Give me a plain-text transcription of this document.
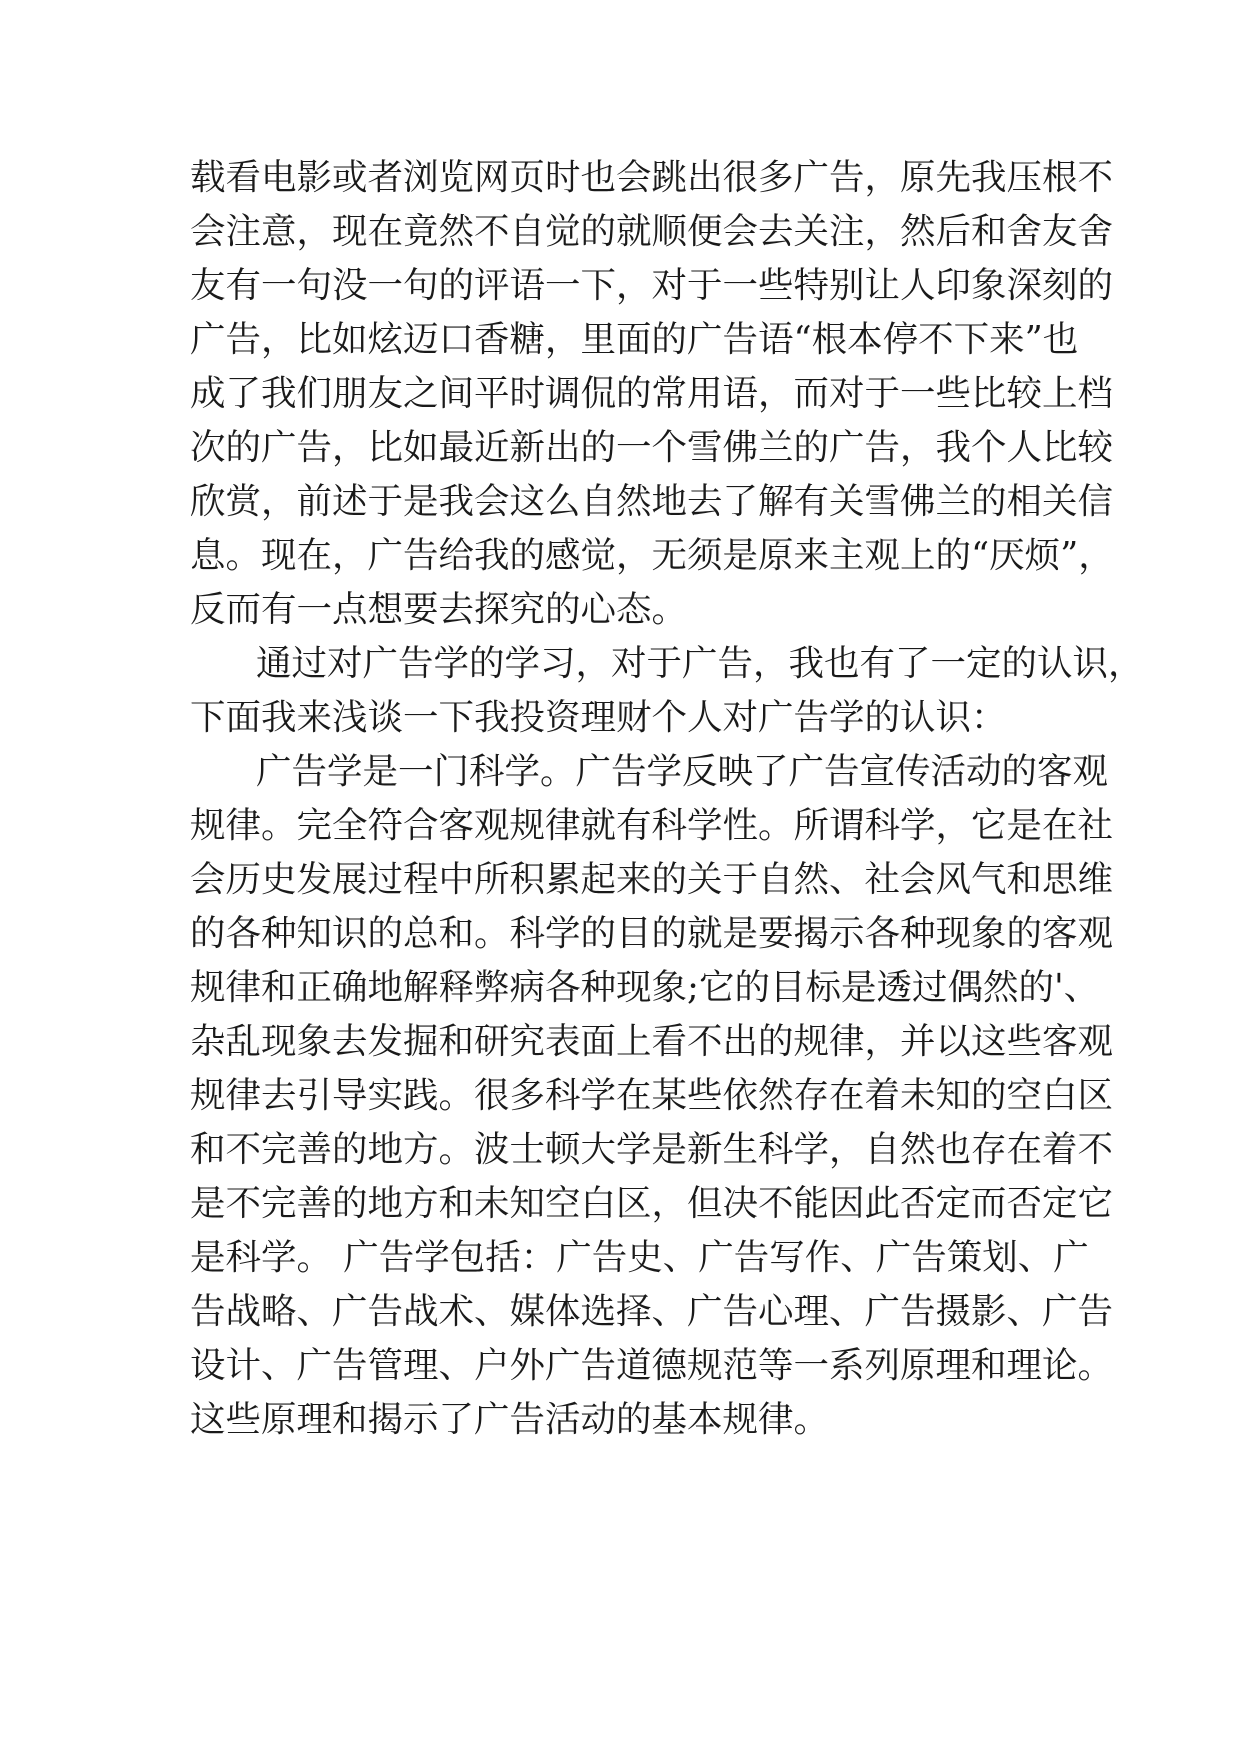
载看电影或者浏览网页时也会跳出很多广告，原先我压根不
会注意，现在竟然不自觉的就顺便会去关注，然后和舍友舍
友有一句没一句的评语一下，对于一些特别让人印象深刻的
广告，比如炫迈口香糖，里面的广告语“根本停不下来”也
成了我们朋友之间平时调侃的常用语，而对于一些比较上档
次的广告，比如最近新出的一个雪佛兰的广告，我个人比较
欣赏，前述于是我会这么自然地去了解有关雪佛兰的相关信
息。现在，广告给我的感觉，无须是原来主观上的“厌烦”，
反而有一点想要去探究的心态。
通过对广告学的学习，对于广告，我也有了一定的认识，
下面我来浅谈一下我投资理财个人对广告学的认识：
广告学是一门科学。广告学反映了广告宣传活动的客观
规律。完全符合客观规律就有科学性。所谓科学，它是在社
会历史发展过程中所积累起来的关于自然、社会风气和思维
的各种知识的总和。科学的目的就是要揭示各种现象的客观
规律和正确地解释弊病各种现象;它的目标是透过偶然的'、
杂乱现象去发掘和研究表面上看不出的规律，并以这些客观
规律去引导实践。很多科学在某些依然存在着未知的空白区
和不完善的地方。波士顿大学是新生科学，自然也存在着不
是不完善的地方和未知空白区，但决不能因此否定而否定它
是科学。 广告学包括：广告史、广告写作、广告策划、广
告战略、广告战术、媒体选择、广告心理、广告摄影、广告
设计、广告管理、户外广告道德规范等一系列原理和理论。
这些原理和揭示了广告活动的基本规律。
